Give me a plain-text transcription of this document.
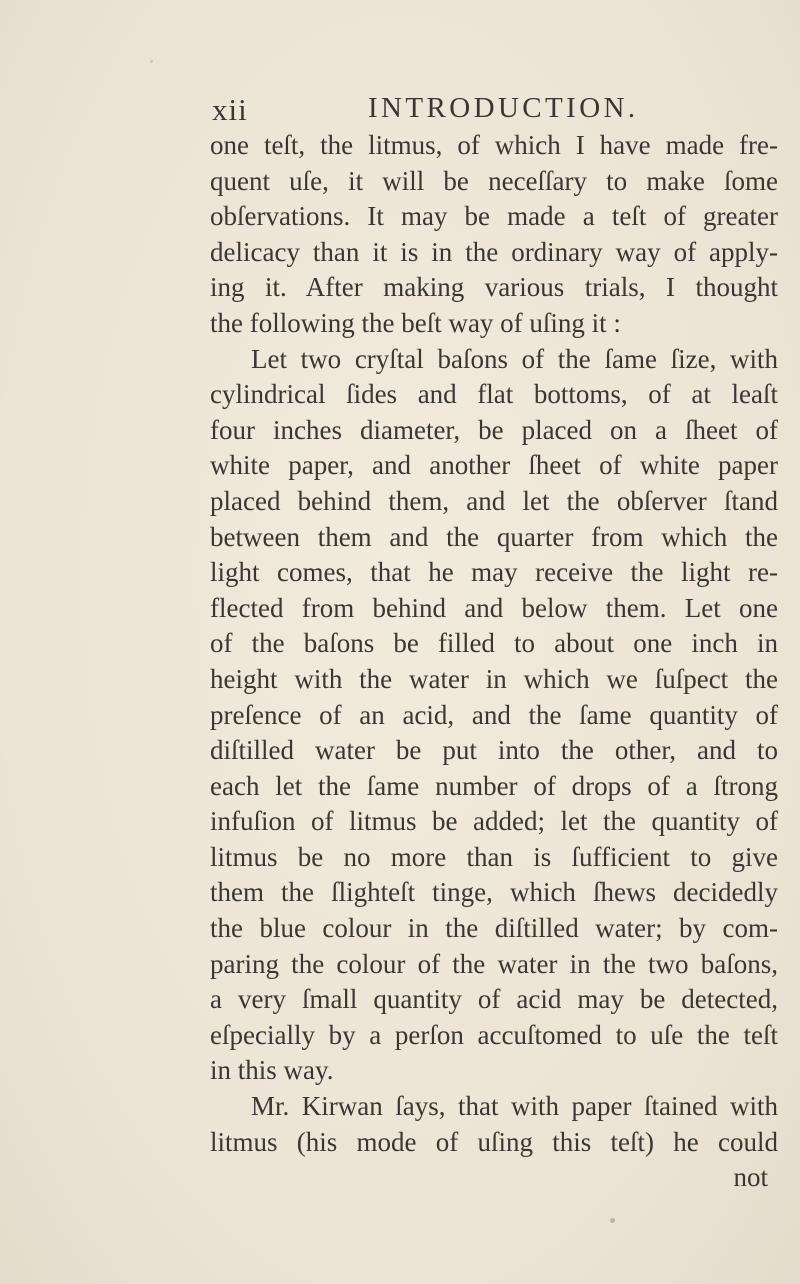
xii	INTRODUCTION.
one teſt, the litmus, of which I have made fre-
quent uſe, it will be neceſſary to make ſome
obſervations. It may be made a teſt of greater
delicacy than it is in the ordinary way of apply-
ing it. After making various trials, I thought
the following the beſt way of uſing it :
Let two cryſtal baſons of the ſame ſize, with
cylindrical ſides and flat bottoms, of at leaſt
four inches diameter, be placed on a ſheet of
white paper, and another ſheet of white paper
placed behind them, and let the obſerver ſtand
between them and the quarter from which the
light comes, that he may receive the light re-
flected from behind and below them. Let one
of the baſons be filled to about one inch in
height with the water in which we ſuſpect the
preſence of an acid, and the ſame quantity of
diſtilled water be put into the other, and to
each let the ſame number of drops of a ſtrong
infuſion of litmus be added; let the quantity of
litmus be no more than is ſufficient to give
them the ſlighteſt tinge, which ſhews decidedly
the blue colour in the diſtilled water; by com-
paring the colour of the water in the two baſons,
a very ſmall quantity of acid may be detected,
eſpecially by a perſon accuſtomed to uſe the teſt
in this way.
Mr. Kirwan ſays, that with paper ſtained with
litmus (his mode of uſing this teſt) he could
not
